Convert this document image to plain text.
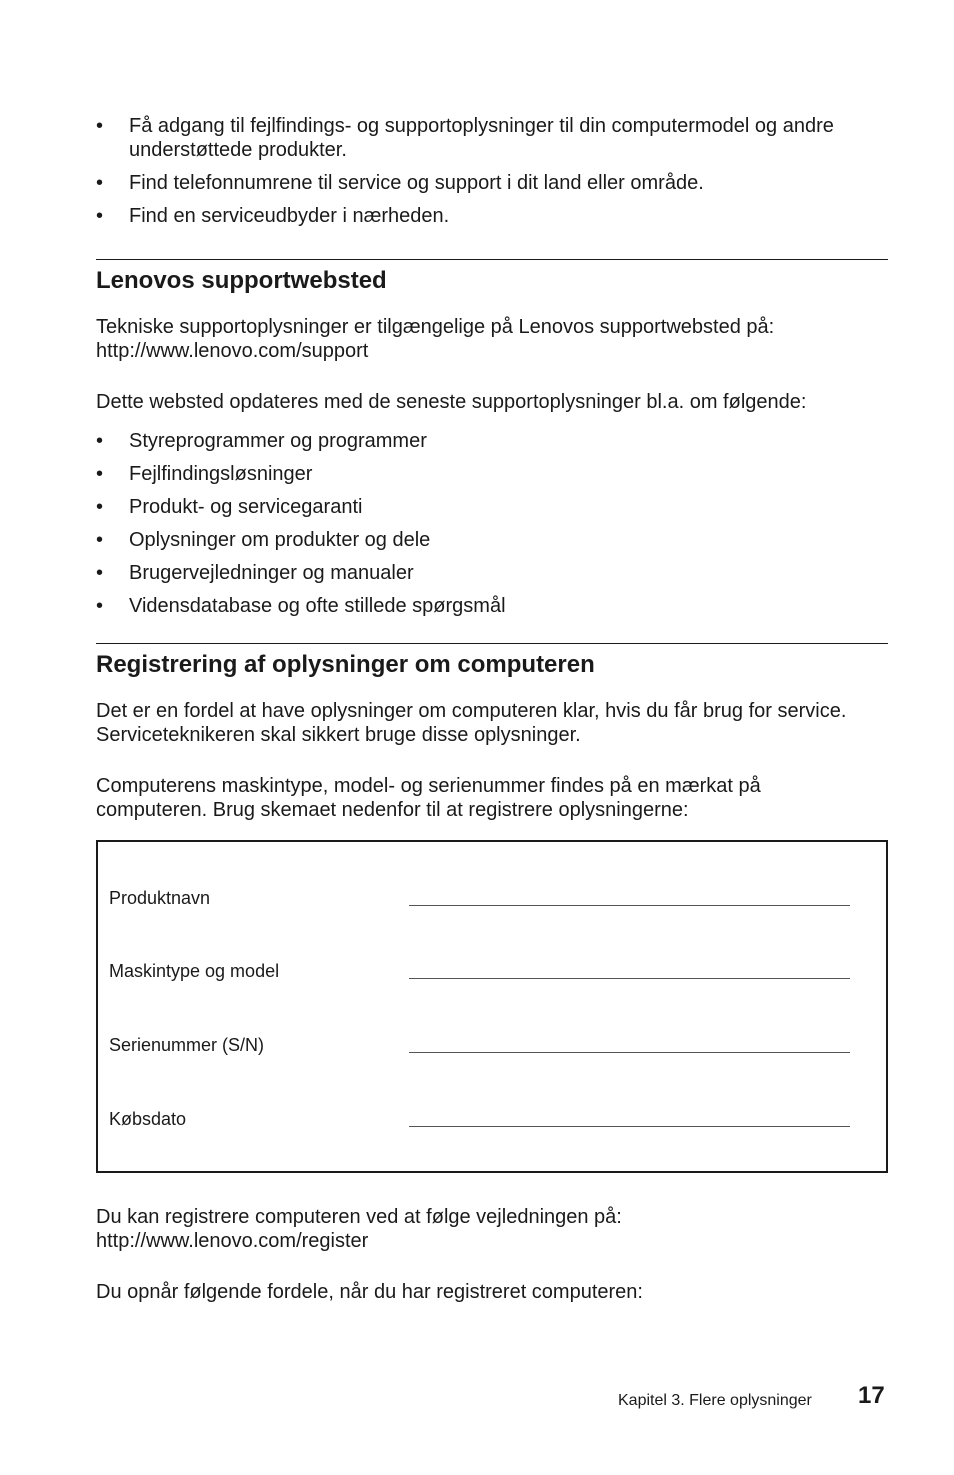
• Få adgang til fejlfindings- og supportoplysninger til din computermodel og andre understøttede produkter.
• Find telefonnumrene til service og support i dit land eller område.
• Find en serviceudbyder i nærheden.
Lenovos supportwebsted

Tekniske supportoplysninger er tilgængelige på Lenovos supportwebsted på:
http://www.lenovo.com/support

Dette websted opdateres med de seneste supportoplysninger bl.a. om følgende:

• Styreprogrammer og programmer
• Fejlfindingsløsninger
• Produkt- og servicegaranti
• Oplysninger om produkter og dele
• Brugervejledninger og manualer
• Vidensdatabase og ofte stillede spørgsmål
Registrering af oplysninger om computeren

Det er en fordel at have oplysninger om computeren klar, hvis du får brug for service. Serviceteknikeren skal sikkert bruge disse oplysninger.

Computerens maskintype, model- og serienummer findes på en mærkat på computeren. Brug skemaet nedenfor til at registrere oplysningerne:

Produktnavn
Maskintype og model
Serienummer (S/N)
Købsdato

Du kan registrere computeren ved at følge vejledningen på:
http://www.lenovo.com/register

Du opnår følgende fordele, når du har registreret computeren:

Kapitel 3. Flere oplysninger 17
